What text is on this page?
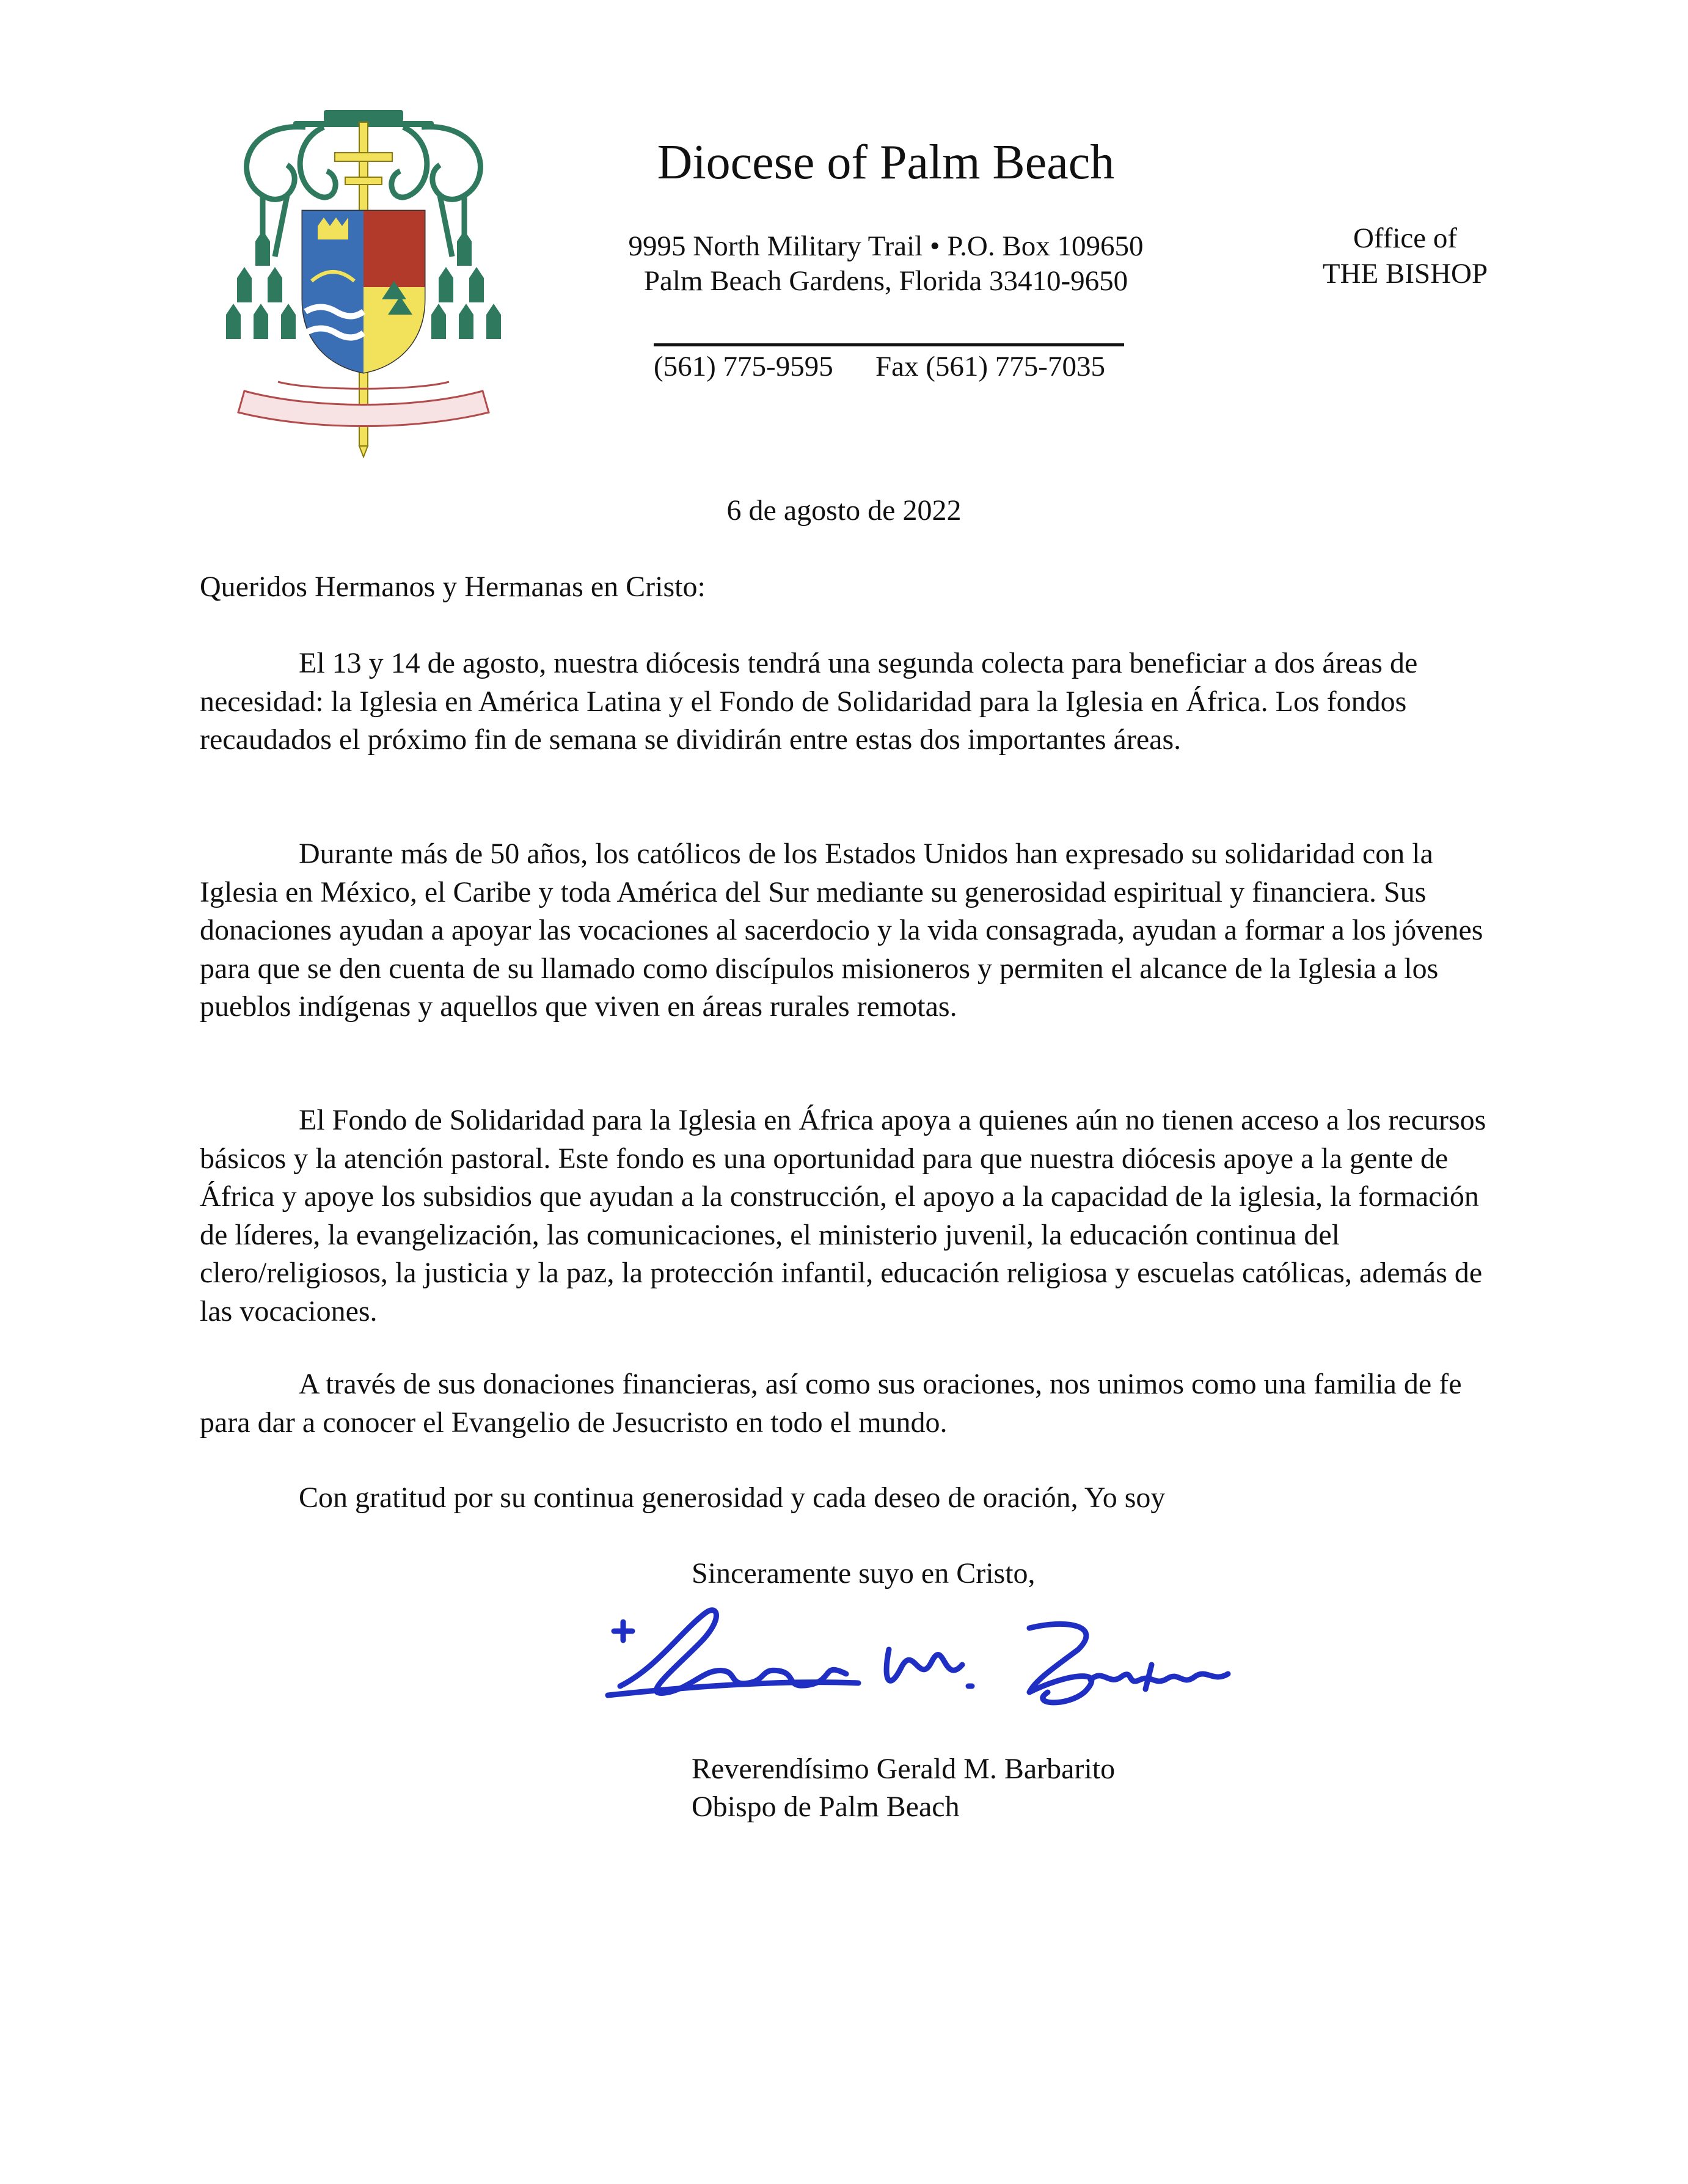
Diocese of Palm Beach
9995 North Military Trail • P.O. Box 109650
Palm Beach Gardens, Florida 33410-9650
(561) 775-9595 Fax (561) 775-7035
Office of
THE BISHOP
6 de agosto de 2022
Queridos Hermanos y Hermanas en Cristo:

El 13 y 14 de agosto, nuestra diócesis tendrá una segunda colecta para beneficiar a dos áreas de necesidad: la Iglesia en América Latina y el Fondo de Solidaridad para la Iglesia en África. Los fondos recaudados el próximo fin de semana se dividirán entre estas dos importantes áreas.

Durante más de 50 años, los católicos de los Estados Unidos han expresado su solidaridad con la Iglesia en México, el Caribe y toda América del Sur mediante su generosidad espiritual y financiera. Sus donaciones ayudan a apoyar las vocaciones al sacerdocio y la vida consagrada, ayudan a formar a los jóvenes para que se den cuenta de su llamado como discípulos misioneros y permiten el alcance de la Iglesia a los pueblos indígenas y aquellos que viven en áreas rurales remotas.

El Fondo de Solidaridad para la Iglesia en África apoya a quienes aún no tienen acceso a los recursos básicos y la atención pastoral. Este fondo es una oportunidad para que nuestra diócesis apoye a la gente de África y apoye los subsidios que ayudan a la construcción, el apoyo a la capacidad de la iglesia, la formación de líderes, la evangelización, las comunicaciones, el ministerio juvenil, la educación continua del clero/religiosos, la justicia y la paz, la protección infantil, educación religiosa y escuelas católicas, además de las vocaciones.

A través de sus donaciones financieras, así como sus oraciones, nos unimos como una familia de fe para dar a conocer el Evangelio de Jesucristo en todo el mundo.

Con gratitud por su continua generosidad y cada deseo de oración, Yo soy

Sinceramente suyo en Cristo,
Reverendísimo Gerald M. Barbarito
Obispo de Palm Beach
